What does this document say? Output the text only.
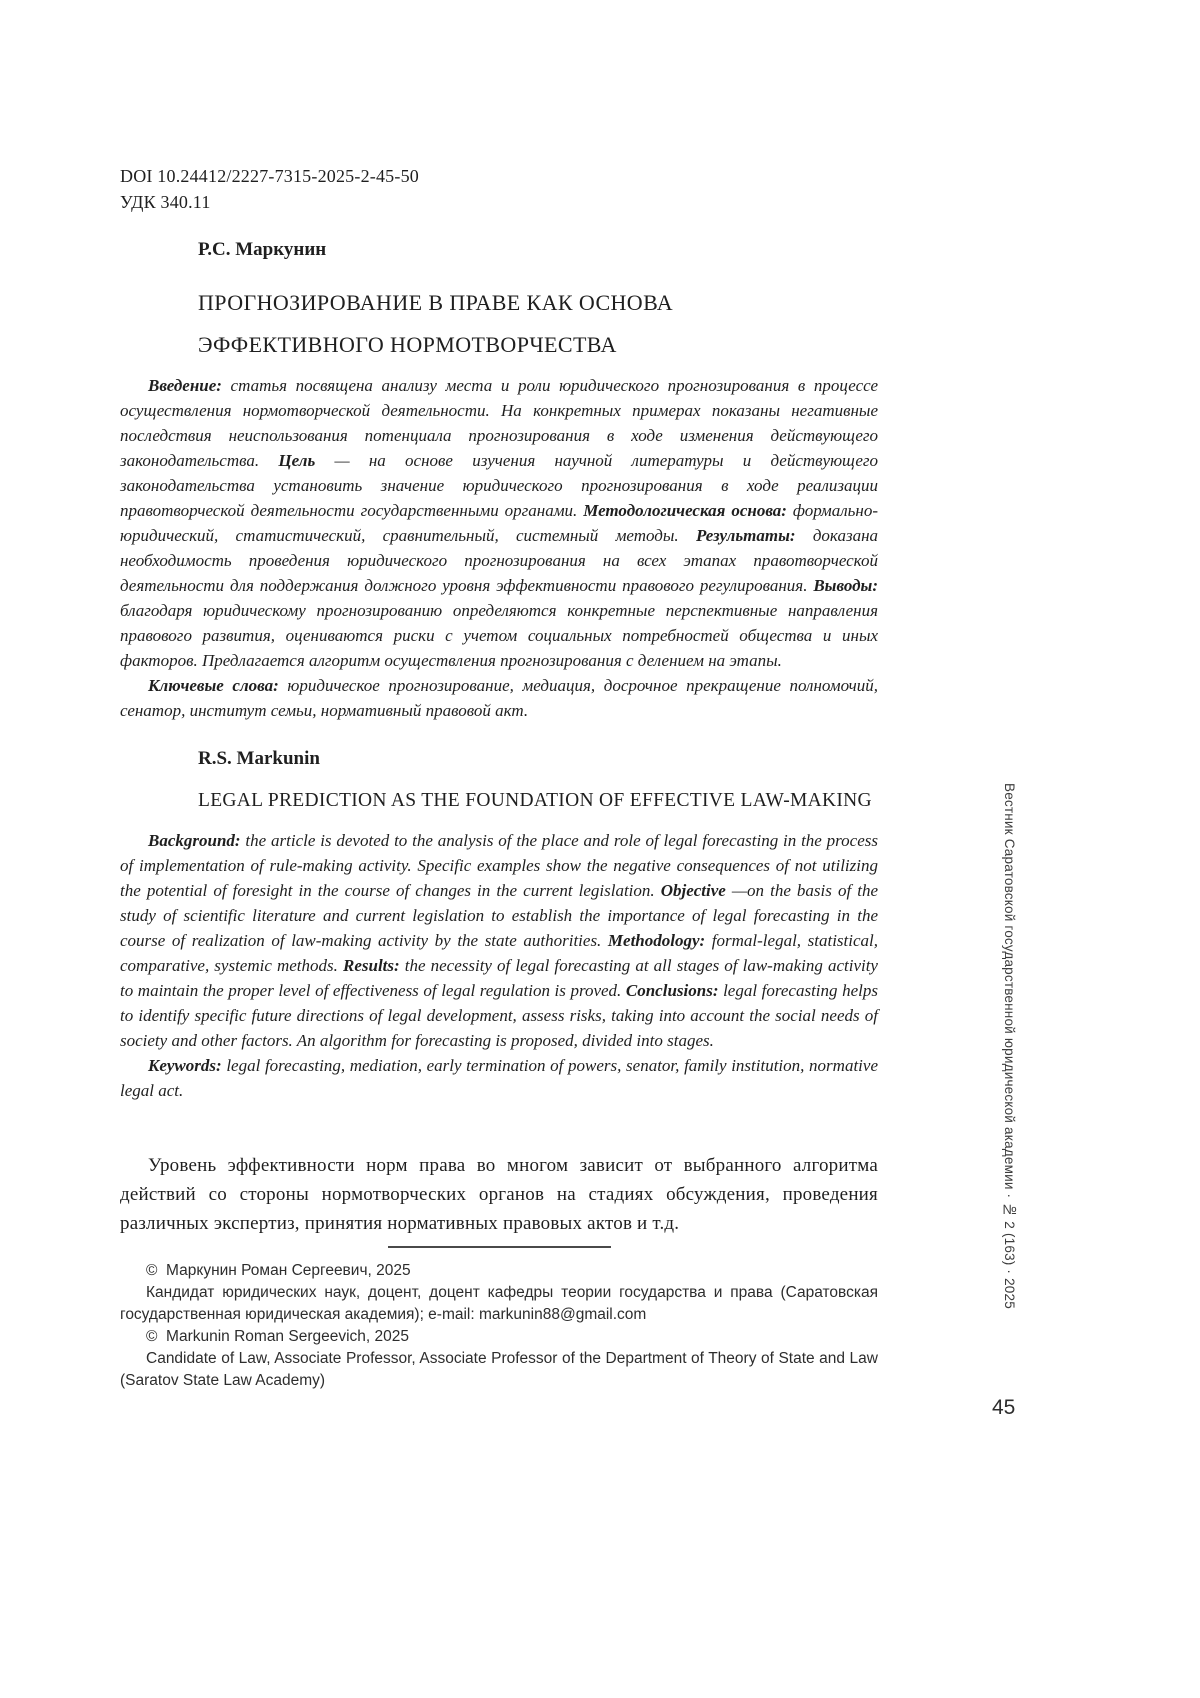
DOI 10.24412/2227-7315-2025-2-45-50
УДК 340.11
Р.С. Маркунин
ПРОГНОЗИРОВАНИЕ В ПРАВЕ КАК ОСНОВА
ЭФФЕКТИВНОГО НОРМОТВОРЧЕСТВА

Введение: статья посвящена анализу места и роли юридического прогнозирования в процессе осуществления нормотворческой деятельности. На конкретных примерах показаны негативные последствия неиспользования потенциала прогнозирования в ходе изменения действующего законодательства. Цель — на основе изучения научной литературы и действующего законодательства установить значение юридического прогнозирования в ходе реализации правотворческой деятельности государственными органами. Методологическая основа: формально-юридический, статистический, сравнительный, системный методы. Результаты: доказана необходимость проведения юридического прогнозирования на всех этапах правотворческой деятельности для поддержания должного уровня эффективности правового регулирования. Выводы: благодаря юридическому прогнозированию определяются конкретные перспективные направления правового развития, оцениваются риски с учетом социальных потребностей общества и иных факторов. Предлагается алгоритм осуществления прогнозирования с делением на этапы.

Ключевые слова: юридическое прогнозирование, медиация, досрочное прекращение полномочий, сенатор, институт семьи, нормативный правовой акт.

R.S. Markunin
LEGAL PREDICTION AS THE FOUNDATION OF EFFECTIVE LAW-MAKING

Background: the article is devoted to the analysis of the place and role of legal forecasting in the process of implementation of rule-making activity. Specific examples show the negative consequences of not utilizing the potential of foresight in the course of changes in the current legislation. Objective —on the basis of the study of scientific literature and current legislation to establish the importance of legal forecasting in the course of realization of law-making activity by the state authorities. Methodology: formal-legal, statistical, comparative, systemic methods. Results: the necessity of legal forecasting at all stages of law-making activity to maintain the proper level of effectiveness of legal regulation is proved. Conclusions: legal forecasting helps to identify specific future directions of legal development, assess risks, taking into account the social needs of society and other factors. An algorithm for forecasting is proposed, divided into stages.

Keywords: legal forecasting, mediation, early termination of powers, senator, family institution, normative legal act.

Уровень эффективности норм права во многом зависит от выбранного алгоритма действий со стороны нормотворческих органов на стадиях обсуждения, проведения различных экспертиз, принятия нормативных правовых актов и т.д.

©  Маркунин Роман Сергеевич, 2025

Кандидат юридических наук, доцент, доцент кафедры теории государства и права (Саратовская государственная юридическая академия); e-mail: markunin88@gmail.com

©  Markunin Roman Sergeevich, 2025

Candidate of Law, Associate Professor, Associate Professor of the Department of Theory of State and Law (Saratov State Law Academy)

Вестник Саратовской государственной юридической академии · № 2 (163) · 2025
45
